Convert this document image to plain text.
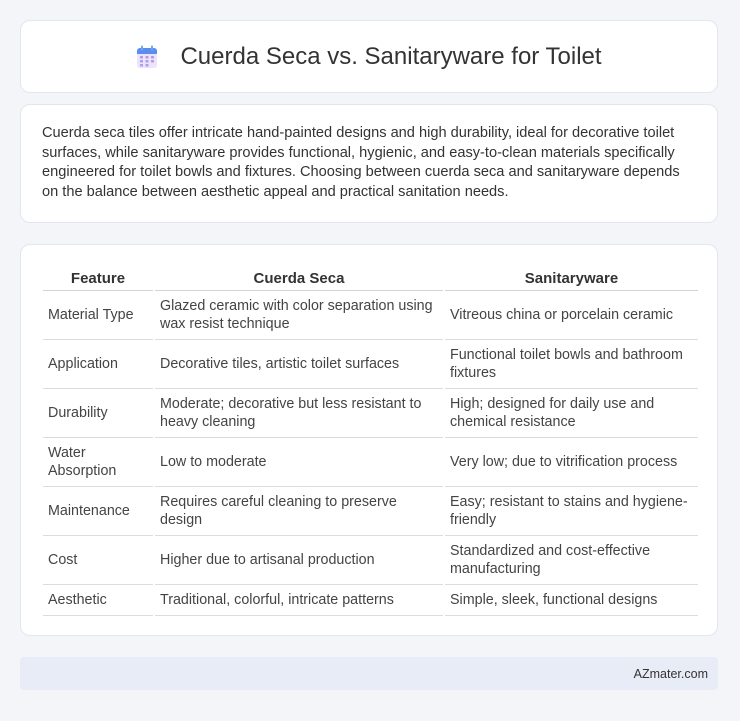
Cuerda Seca vs. Sanitaryware for Toilet

Cuerda seca tiles offer intricate hand-painted designs and high durability, ideal for decorative toilet surfaces, while sanitaryware provides functional, hygienic, and easy-to-clean materials specifically engineered for toilet bowls and fixtures. Choosing between cuerda seca and sanitaryware depends on the balance between aesthetic appeal and practical sanitation needs.

Feature	Cuerda Seca	Sanitaryware
Material Type	Glazed ceramic with color separation using wax resist technique	Vitreous china or porcelain ceramic
Application	Decorative tiles, artistic toilet surfaces	Functional toilet bowls and bathroom fixtures
Durability	Moderate; decorative but less resistant to heavy cleaning	High; designed for daily use and chemical resistance
Water Absorption	Low to moderate	Very low; due to vitrification process
Maintenance	Requires careful cleaning to preserve design	Easy; resistant to stains and hygiene-friendly
Cost	Higher due to artisanal production	Standardized and cost-effective manufacturing
Aesthetic	Traditional, colorful, intricate patterns	Simple, sleek, functional designs
AZmater.com
